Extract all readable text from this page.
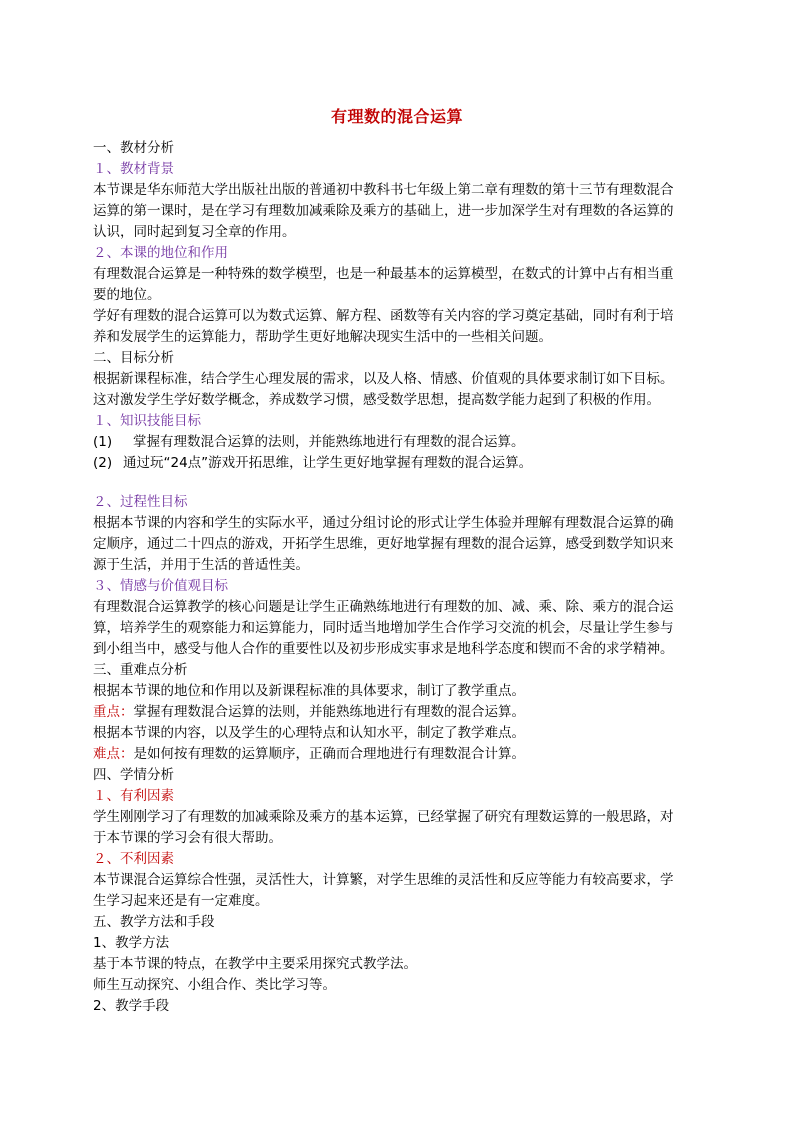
有理数的混合运算
一、教材分析
１、教材背景
本节课是华东师范大学出版社出版的普通初中教科书七年级上第二章有理数的第十三节有理数混合
运算的第一课时，是在学习有理数加减乘除及乘方的基础上，进一步加深学生对有理数的各运算的
认识，同时起到复习全章的作用。
２、本课的地位和作用
有理数混合运算是一种特殊的数学模型，也是一种最基本的运算模型，在数式的计算中占有相当重
要的地位。
学好有理数的混合运算可以为数式运算、解方程、函数等有关内容的学习奠定基础，同时有利于培
养和发展学生的运算能力，帮助学生更好地解决现实生活中的一些相关问题。
二、目标分析
根据新课程标准，结合学生心理发展的需求，以及人格、情感、价值观的具体要求制订如下目标。
这对激发学生学好数学概念，养成数学习惯，感受数学思想，提高数学能力起到了积极的作用。
１、知识技能目标
(1) 掌握有理数混合运算的法则，并能熟练地进行有理数的混合运算。
(2) 通过玩“24点”游戏开拓思维，让学生更好地掌握有理数的混合运算。
２、过程性目标
根据本节课的内容和学生的实际水平，通过分组讨论的形式让学生体验并理解有理数混合运算的确
定顺序，通过二十四点的游戏，开拓学生思维，更好地掌握有理数的混合运算，感受到数学知识来
源于生活，并用于生活的普适性美。
３、情感与价值观目标
有理数混合运算教学的核心问题是让学生正确熟练地进行有理数的加、减、乘、除、乘方的混合运
算，培养学生的观察能力和运算能力，同时适当地增加学生合作学习交流的机会，尽量让学生参与
到小组当中，感受与他人合作的重要性以及初步形成实事求是地科学态度和锲而不舍的求学精神。
三、重难点分析
根据本节课的地位和作用以及新课程标准的具体要求，制订了教学重点。
重点：掌握有理数混合运算的法则，并能熟练地进行有理数的混合运算。
根据本节课的内容，以及学生的心理特点和认知水平，制定了教学难点。
难点：是如何按有理数的运算顺序，正确而合理地进行有理数混合计算。
四、学情分析
１、有利因素
学生刚刚学习了有理数的加减乘除及乘方的基本运算，已经掌握了研究有理数运算的一般思路，对
于本节课的学习会有很大帮助。
２、不利因素
本节课混合运算综合性强，灵活性大，计算繁，对学生思维的灵活性和反应等能力有较高要求，学
生学习起来还是有一定难度。
五、教学方法和手段
1、教学方法
基于本节课的特点，在教学中主要采用探究式教学法。
师生互动探究、小组合作、类比学习等。
2、教学手段
